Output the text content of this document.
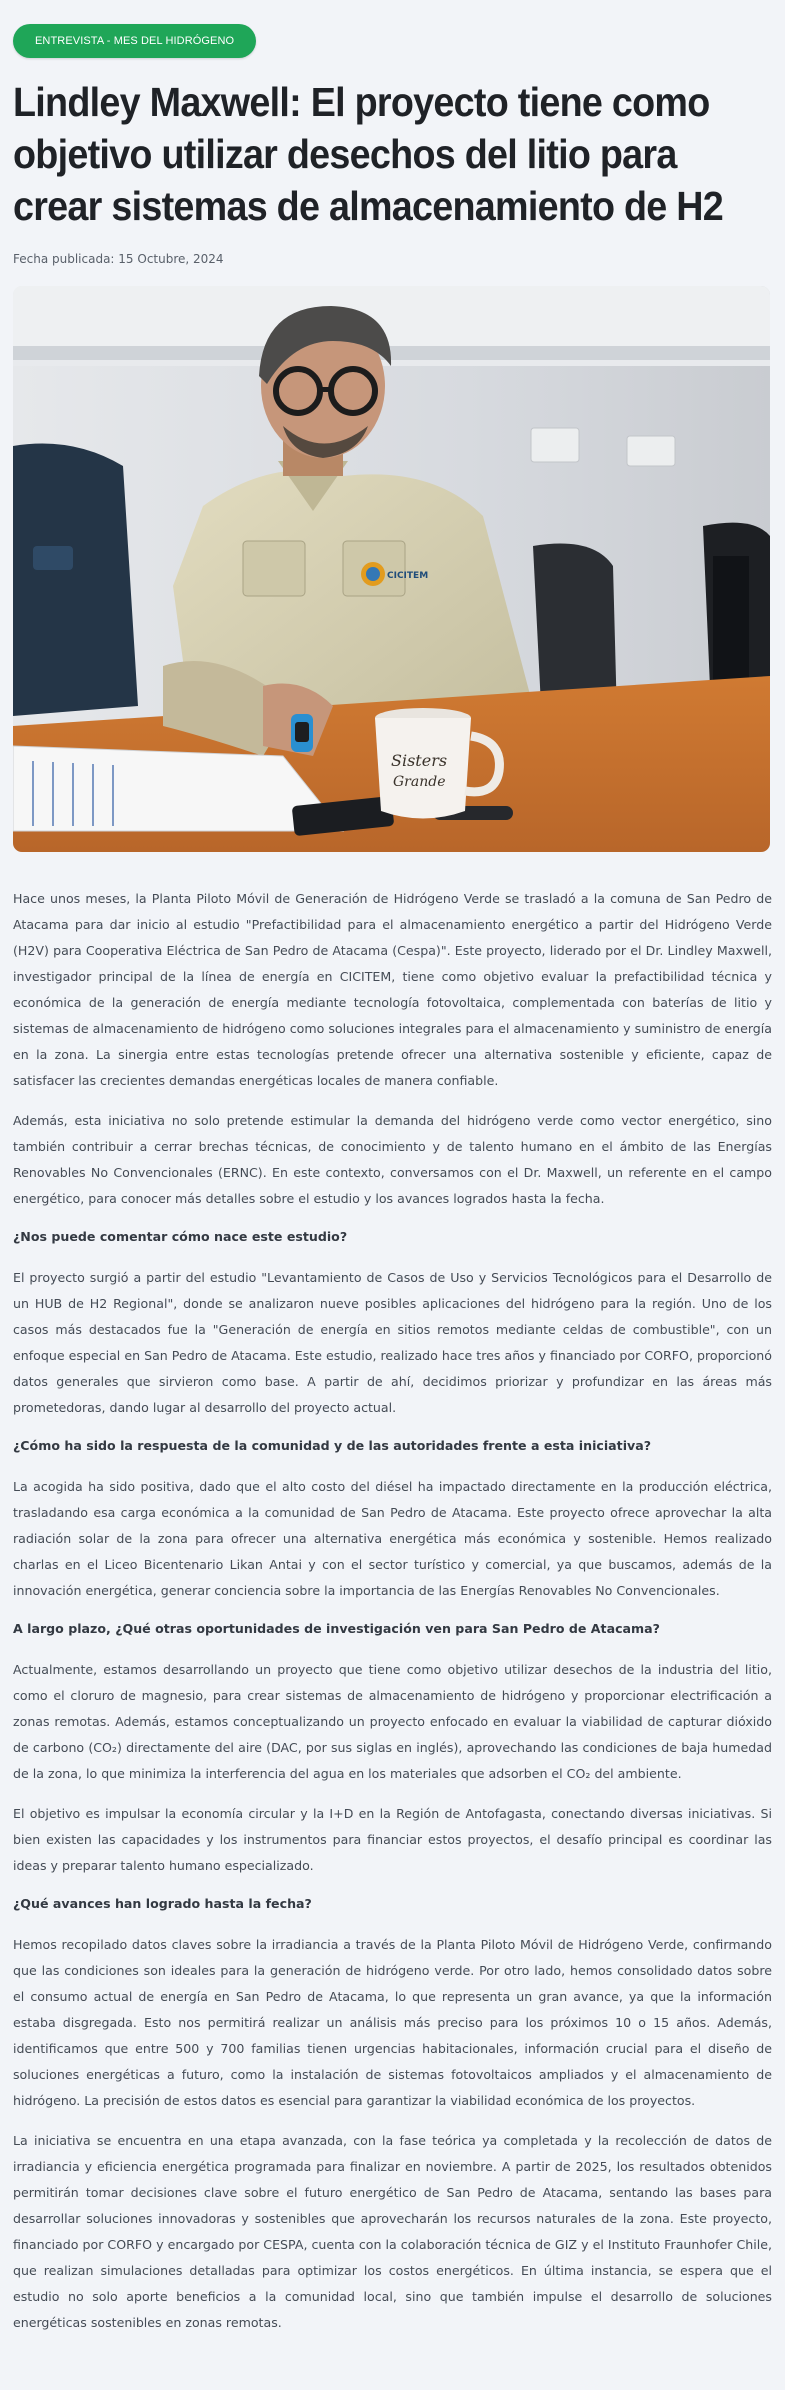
ENTREVISTA - MES DEL HIDRÓGENO
Lindley Maxwell: El proyecto tiene como objetivo utilizar desechos del litio para crear sistemas de almacenamiento de H2
Fecha publicada: 15 Octubre, 2024
CICITEM
Sisters
Grande

Hace unos meses, la Planta Piloto Móvil de Generación de Hidrógeno Verde se trasladó a la comuna de San Pedro de Atacama para dar inicio al estudio "Prefactibilidad para el almacenamiento energético a partir del Hidrógeno Verde (H2V) para Cooperativa Eléctrica de San Pedro de Atacama (Cespa)". Este proyecto, liderado por el Dr. Lindley Maxwell, investigador principal de la línea de energía en CICITEM, tiene como objetivo evaluar la prefactibilidad técnica y económica de la generación de energía mediante tecnología fotovoltaica, complementada con baterías de litio y sistemas de almacenamiento de hidrógeno como soluciones integrales para el almacenamiento y suministro de energía en la zona. La sinergia entre estas tecnologías pretende ofrecer una alternativa sostenible y eficiente, capaz de satisfacer las crecientes demandas energéticas locales de manera confiable.

Además, esta iniciativa no solo pretende estimular la demanda del hidrógeno verde como vector energético, sino también contribuir a cerrar brechas técnicas, de conocimiento y de talento humano en el ámbito de las Energías Renovables No Convencionales (ERNC). En este contexto, conversamos con el Dr. Maxwell, un referente en el campo energético, para conocer más detalles sobre el estudio y los avances logrados hasta la fecha.

¿Nos puede comentar cómo nace este estudio?

El proyecto surgió a partir del estudio "Levantamiento de Casos de Uso y Servicios Tecnológicos para el Desarrollo de un HUB de H2 Regional", donde se analizaron nueve posibles aplicaciones del hidrógeno para la región. Uno de los casos más destacados fue la "Generación de energía en sitios remotos mediante celdas de combustible", con un enfoque especial en San Pedro de Atacama. Este estudio, realizado hace tres años y financiado por CORFO, proporcionó datos generales que sirvieron como base. A partir de ahí, decidimos priorizar y profundizar en las áreas más prometedoras, dando lugar al desarrollo del proyecto actual.

¿Cómo ha sido la respuesta de la comunidad y de las autoridades frente a esta iniciativa?

La acogida ha sido positiva, dado que el alto costo del diésel ha impactado directamente en la producción eléctrica, trasladando esa carga económica a la comunidad de San Pedro de Atacama. Este proyecto ofrece aprovechar la alta radiación solar de la zona para ofrecer una alternativa energética más económica y sostenible. Hemos realizado charlas en el Liceo Bicentenario Likan Antai y con el sector turístico y comercial, ya que buscamos, además de la innovación energética, generar conciencia sobre la importancia de las Energías Renovables No Convencionales.

A largo plazo, ¿Qué otras oportunidades de investigación ven para San Pedro de Atacama?

Actualmente, estamos desarrollando un proyecto que tiene como objetivo utilizar desechos de la industria del litio, como el cloruro de magnesio, para crear sistemas de almacenamiento de hidrógeno y proporcionar electrificación a zonas remotas. Además, estamos conceptualizando un proyecto enfocado en evaluar la viabilidad de capturar dióxido de carbono (CO₂) directamente del aire (DAC, por sus siglas en inglés), aprovechando las condiciones de baja humedad de la zona, lo que minimiza la interferencia del agua en los materiales que adsorben el CO₂ del ambiente.

El objetivo es impulsar la economía circular y la I+D en la Región de Antofagasta, conectando diversas iniciativas. Si bien existen las capacidades y los instrumentos para financiar estos proyectos, el desafío principal es coordinar las ideas y preparar talento humano especializado.

¿Qué avances han logrado hasta la fecha?

Hemos recopilado datos claves sobre la irradiancia a través de la Planta Piloto Móvil de Hidrógeno Verde, confirmando que las condiciones son ideales para la generación de hidrógeno verde. Por otro lado, hemos consolidado datos sobre el consumo actual de energía en San Pedro de Atacama, lo que representa un gran avance, ya que la información estaba disgregada. Esto nos permitirá realizar un análisis más preciso para los próximos 10 o 15 años. Además, identificamos que entre 500 y 700 familias tienen urgencias habitacionales, información crucial para el diseño de soluciones energéticas a futuro, como la instalación de sistemas fotovoltaicos ampliados y el almacenamiento de hidrógeno. La precisión de estos datos es esencial para garantizar la viabilidad económica de los proyectos.

La iniciativa se encuentra en una etapa avanzada, con la fase teórica ya completada y la recolección de datos de irradiancia y eficiencia energética programada para finalizar en noviembre. A partir de 2025, los resultados obtenidos permitirán tomar decisiones clave sobre el futuro energético de San Pedro de Atacama, sentando las bases para desarrollar soluciones innovadoras y sostenibles que aprovecharán los recursos naturales de la zona. Este proyecto, financiado por CORFO y encargado por CESPA, cuenta con la colaboración técnica de GIZ y el Instituto Fraunhofer Chile, que realizan simulaciones detalladas para optimizar los costos energéticos. En última instancia, se espera que el estudio no solo aporte beneficios a la comunidad local, sino que también impulse el desarrollo de soluciones energéticas sostenibles en zonas remotas.
